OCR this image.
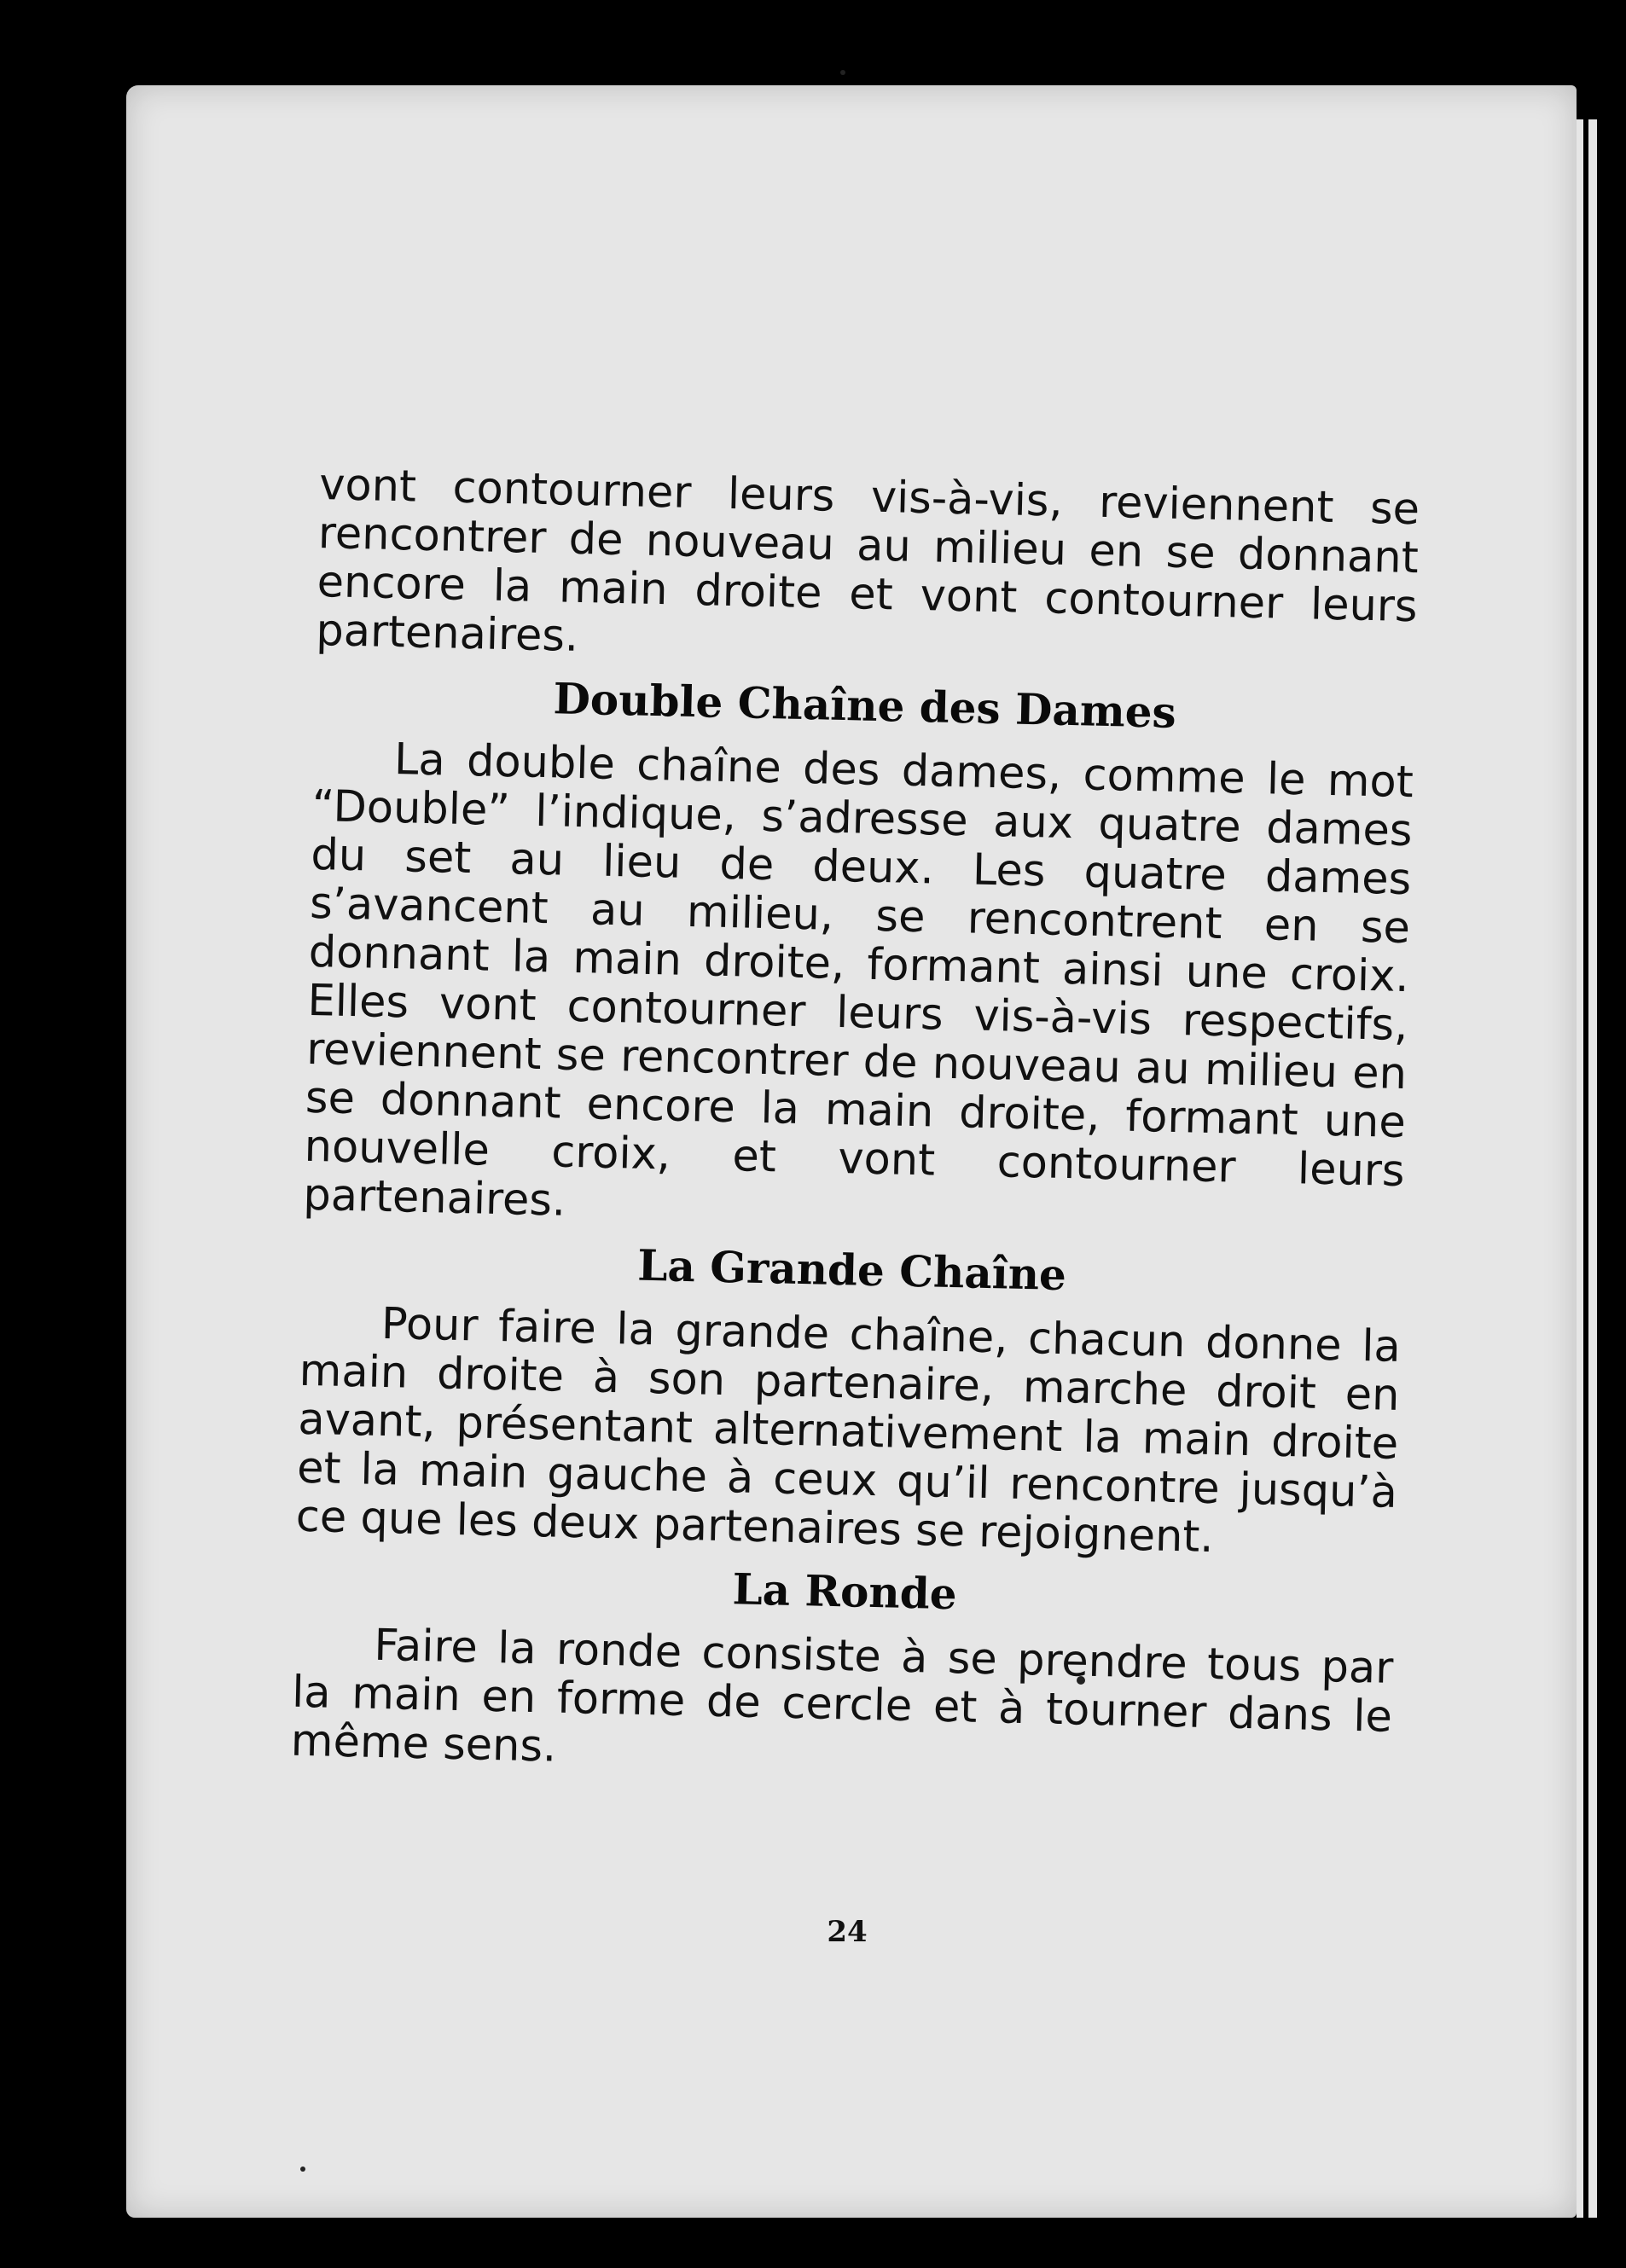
vont contourner leurs vis-à-vis, reviennent se rencontrer de nouveau au milieu en se donnant encore la main droite et vont contourner leurs partenaires.

Double Chaîne des Dames

La double chaîne des dames, comme le mot “Double” l’indique, s’adresse aux quatre dames du set au lieu de deux. Les quatre dames s’avancent au milieu, se rencontrent en se donnant la main droite, formant ainsi une croix. Elles vont contourner leurs vis-à-vis respectifs, reviennent se rencontrer de nouveau au milieu en se donnant encore la main droite, formant une nouvelle croix, et vont contourner leurs partenaires.

La Grande Chaîne

Pour faire la grande chaîne, chacun donne la main droite à son partenaire, marche droit en avant, présentant alternativement la main droite et la main gauche à ceux qu’il rencontre jusqu’à ce que les deux partenaires se rejoignent.

La Ronde

Faire la ronde consiste à se prendre tous par la main en forme de cercle et à tourner dans le même sens.

24
